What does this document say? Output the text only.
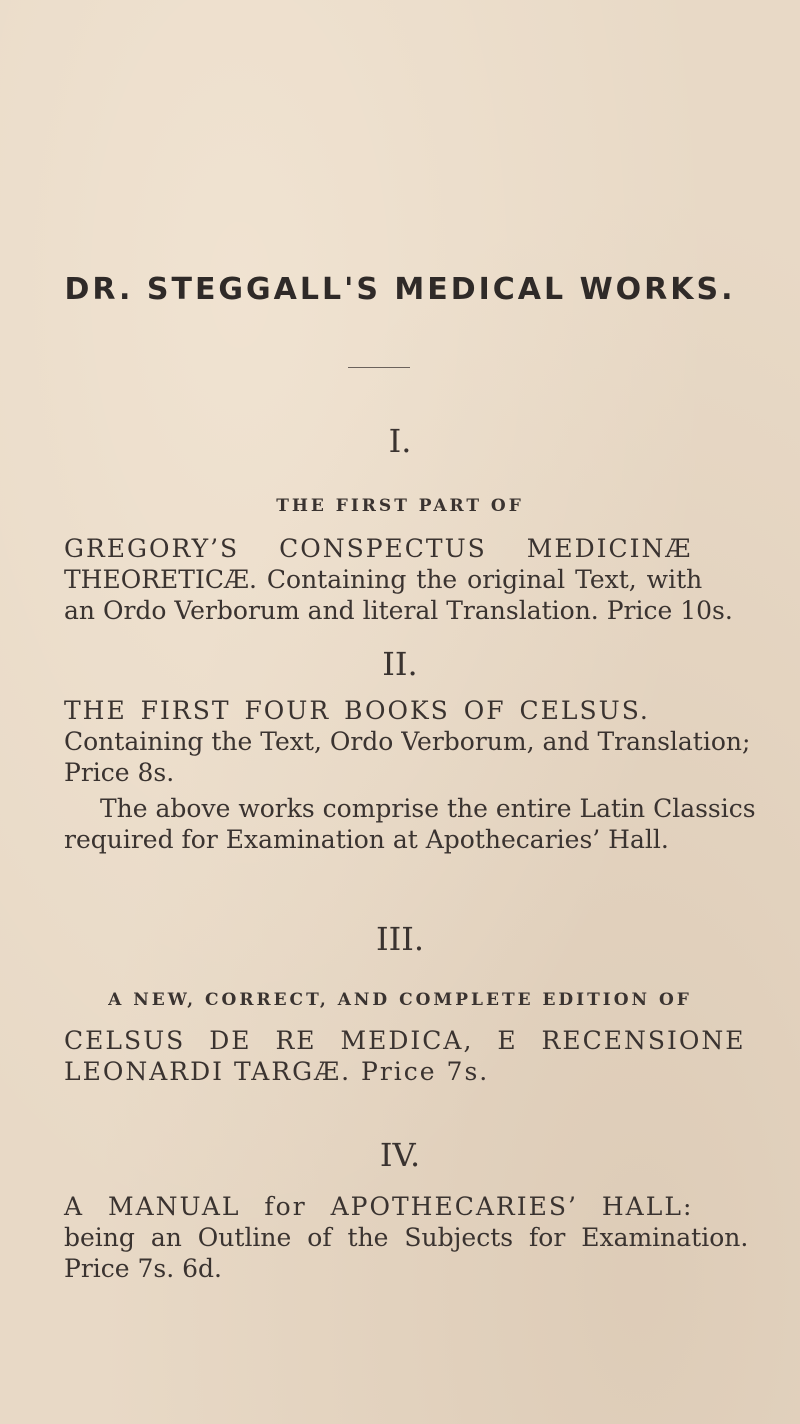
DR. STEGGALL'S MEDICAL WORKS.
I.
THE FIRST PART OF
GREGORY’S CONSPECTUS MEDICINÆ
THEORETICÆ. Containing the original Text, with
an Ordo Verborum and literal Translation. Price 10s.
II.
THE FIRST FOUR BOOKS OF CELSUS.
Containing the Text, Ordo Verborum, and Translation;
Price 8s.
The above works comprise the entire Latin Classics
required for Examination at Apothecaries’ Hall.
III.
A NEW, CORRECT, AND COMPLETE EDITION OF
CELSUS DE RE MEDICA, E RECENSIONE
LEONARDI TARGÆ. Price 7s.
IV.
A MANUAL for APOTHECARIES’ HALL:
being an Outline of the Subjects for Examination.
Price 7s. 6d.
